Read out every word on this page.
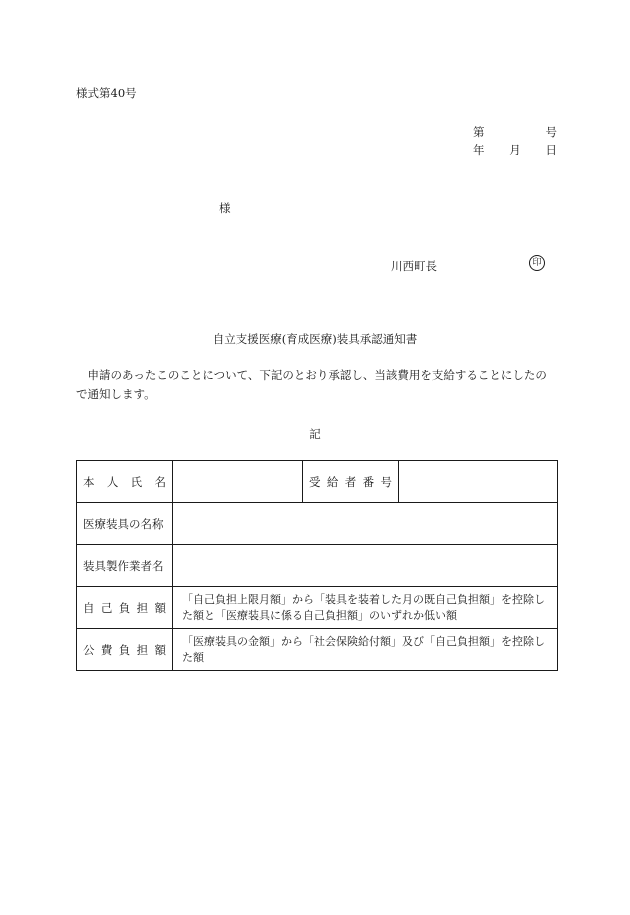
様式第40号
第	号
年 月 日
様
川西町長	印
自立支援医療(育成医療)装具承認通知書
申請のあったこのことについて、下記のとおり承認し、当該費用を支給することにしたので通知します。
記
本 人 氏 名		受 給 者 番 号	

医療装具の名称			
装具製作業者名			

自 己 負 担 額	「自己負担上限月額」から「装具を装着した月の既自己負担額」を控除した額と「医療装具に係る自己負担額」のいずれか低い額		

公 費 負 担 額	「医療装具の金額」から「社会保険給付額」及び「自己負担額」を控除した額		
